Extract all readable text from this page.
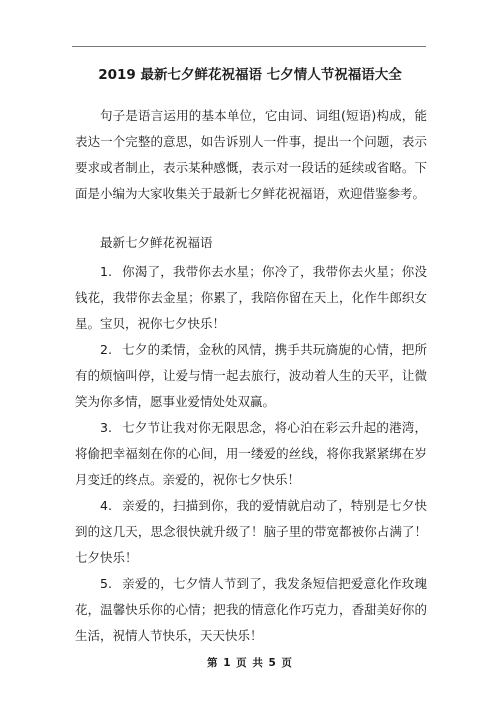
2019 最新七夕鲜花祝福语 七夕情人节祝福语大全

句子是语言运用的基本单位，它由词、词组(短语)构成，能表达一个完整的意思，如告诉别人一件事，提出一个问题，表示要求或者制止，表示某种感慨，表示对一段话的延续或省略。下面是小编为大家收集关于最新七夕鲜花祝福语，欢迎借鉴参考。

最新七夕鲜花祝福语

1. 你渴了，我带你去水星；你冷了，我带你去火星；你没钱花，我带你去金星；你累了，我陪你留在天上，化作牛郎织女星。宝贝，祝你七夕快乐！
2. 七夕的柔情，金秋的风情，携手共玩旖旎的心情，把所有的烦恼叫停，让爱与情一起去旅行，波动着人生的天平，让微笑为你多情，愿事业爱情处处双赢。
3. 七夕节让我对你无限思念，将心泊在彩云升起的港湾，将偷把幸福刻在你的心间，用一缕爱的丝线，将你我紧紧绑在岁月变迁的终点。亲爱的，祝你七夕快乐！
4. 亲爱的，扫描到你，我的爱情就启动了，特别是七夕快到的这几天，思念很快就升级了！脑子里的带宽都被你占满了！七夕快乐！
5. 亲爱的，七夕情人节到了，我发条短信把爱意化作玫瑰花，温馨快乐你的心情；把我的情意化作巧克力，香甜美好你的生活，祝情人节快乐，天天快乐！
第 1 页 共 5 页
